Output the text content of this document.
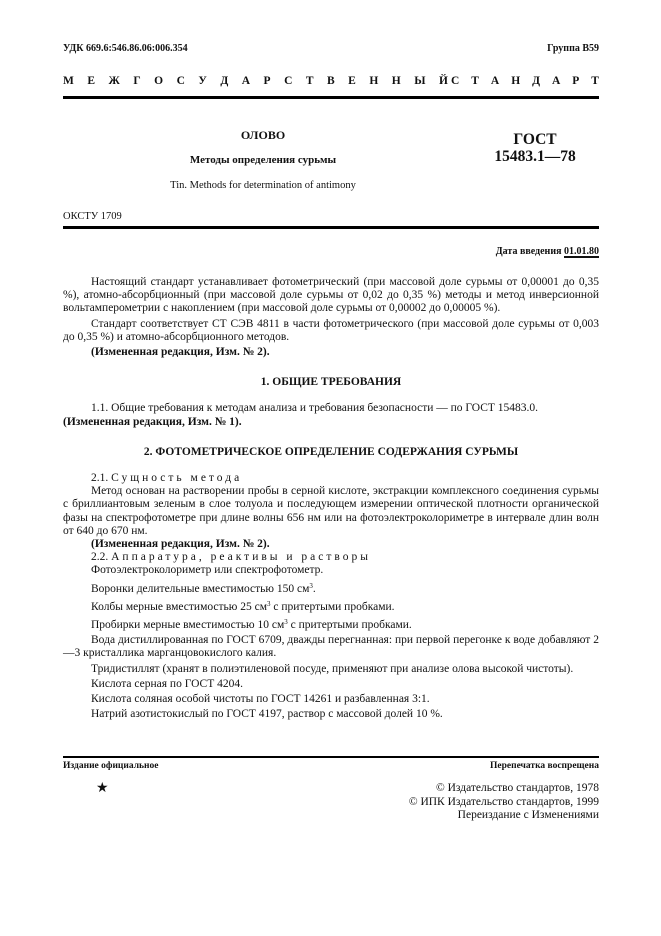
УДК 669.6:546.86.06:006.354	Группа В59
М Е Ж Г О С У Д А Р С Т В Е Н Н Ы Й С Т А Н Д А Р Т
ОЛОВО
Методы определения сурьмы
Tin. Methods for determination of antimony
ГОСТ
15483.1—78
ОКСТУ 1709
Дата введения 01.01.80

Настоящий стандарт устанавливает фотометрический (при массовой доле сурьмы от 0,00001 до 0,35 %), атомно-абсорбционный (при массовой доле сурьмы от 0,02 до 0,35 %) методы и метод инверсионной вольтамперометрии с накоплением (при массовой доле сурьмы от 0,00002 до 0,00005 %).

Стандарт соответствует СТ СЭВ 4811 в части фотометрического (при массовой доле сурьмы от 0,003 до 0,35 %) и атомно-абсорбционного методов.

(Измененная редакция, Изм. № 2).

1. ОБЩИЕ ТРЕБОВАНИЯ

1.1. Общие требования к методам анализа и требования безопасности — по ГОСТ 15483.0.

(Измененная редакция, Изм. № 1).

2. ФОТОМЕТРИЧЕСКОЕ ОПРЕДЕЛЕНИЕ СОДЕРЖАНИЯ СУРЬМЫ

2.1. Сущность метода

Метод основан на растворении пробы в серной кислоте, экстракции комплексного соединения сурьмы с бриллиантовым зеленым в слое толуола и последующем измерении оптической плотности органической фазы на спектрофотометре при длине волны 656 нм или на фотоэлектроколориметре в интервале длин волн от 640 до 670 нм.

(Измененная редакция, Изм. № 2).

2.2. Аппаратура, реактивы и растворы

Фотоэлектроколориметр или спектрофотометр.

Воронки делительные вместимостью 150 $см^3$.

Колбы мерные вместимостью 25 $см^3$ с притертыми пробками.

Пробирки мерные вместимостью 10 $см^3$ с притертыми пробками.

Вода дистиллированная по ГОСТ 6709, дважды перегнанная: при первой перегонке к воде добавляют 2—3 кристаллика марганцовокислого калия.

Тридистиллят (хранят в полиэтиленовой посуде, применяют при анализе олова высокой чистоты).

Кислота серная по ГОСТ 4204.

Кислота соляная особой чистоты по ГОСТ 14261 и разбавленная 3:1.

Натрий азотистокислый по ГОСТ 4197, раствор с массовой долей 10 %.

Издание официальное	Перепечатка воспрещена
★	© Издательство стандартов, 1978
© ИПК Издательство стандартов, 1999
Переиздание с Изменениями
